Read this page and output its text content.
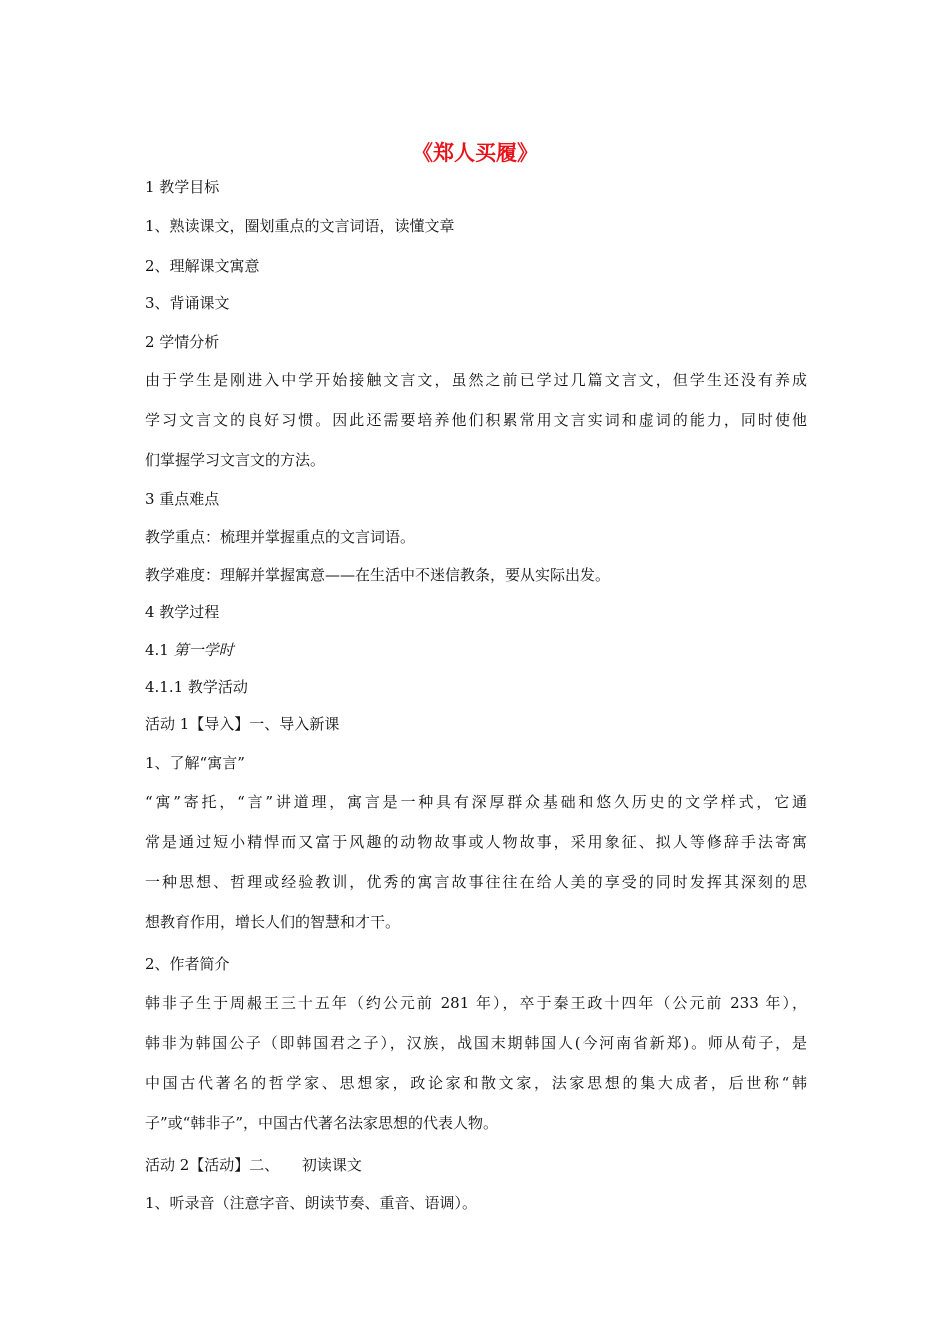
《郑人买履》

1 教学目标

1、熟读课文，圈划重点的文言词语，读懂文章

2、理解课文寓意

3、背诵课文

2 学情分析

由于学生是刚进入中学开始接触文言文，虽然之前已学过几篇文言文，但学生还没有养成
学习文言文的良好习惯。因此还需要培养他们积累常用文言实词和虚词的能力，同时使他
们掌握学习文言文的方法。

3 重点难点

教学重点：梳理并掌握重点的文言词语。

教学难度：理解并掌握寓意——在生活中不迷信教条，要从实际出发。

4 教学过程

4.1 第一学时

4.1.1 教学活动

活动 1【导入】一、导入新课

1、了解“寓言”

“寓”寄托，“言”讲道理，寓言是一种具有深厚群众基础和悠久历史的文学样式，它通
常是通过短小精悍而又富于风趣的动物故事或人物故事，采用象征、拟人等修辞手法寄寓
一种思想、哲理或经验教训，优秀的寓言故事往往在给人美的享受的同时发挥其深刻的思
想教育作用，增长人们的智慧和才干。

2、作者简介

韩非子生于周赧王三十五年（约公元前 281 年），卒于秦王政十四年（公元前 233 年），
韩非为韩国公子（即韩国君之子），汉族，战国末期韩国人(今河南省新郑)。师从荀子，是
中国古代著名的哲学家、思想家，政论家和散文家，法家思想的集大成者，后世称“韩
子”或“韩非子”，中国古代著名法家思想的代表人物。

活动 2【活动】二、　　初读课文

1、听录音（注意字音、朗读节奏、重音、语调）。
